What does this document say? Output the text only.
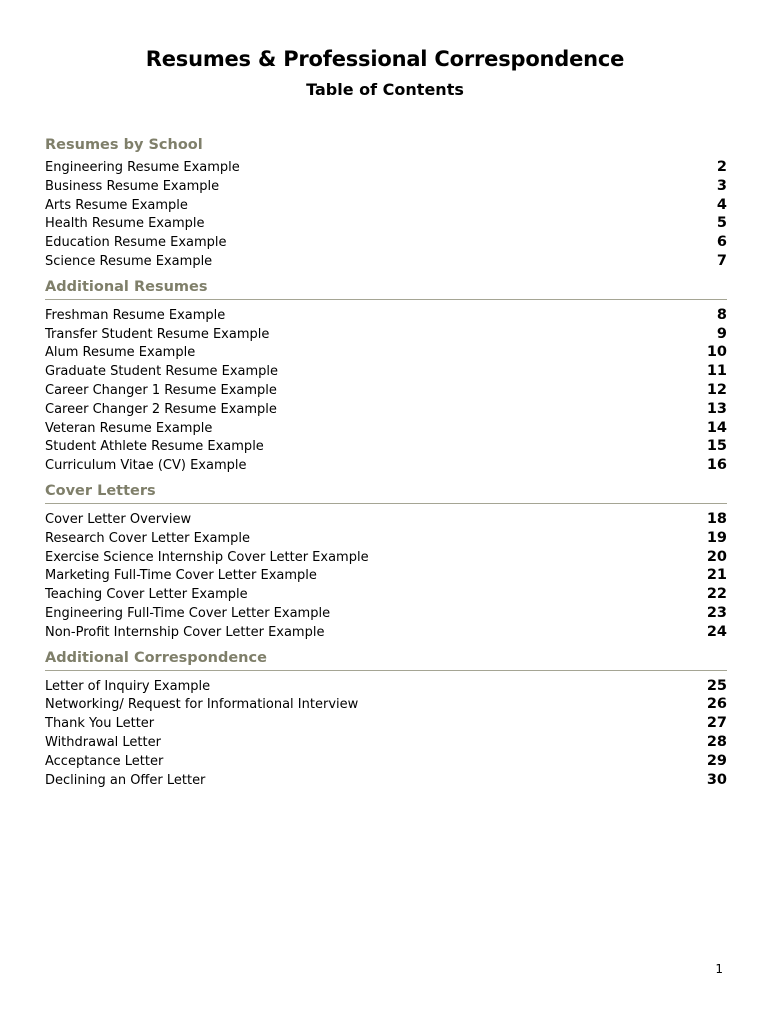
Resumes & Professional Correspondence
Table of Contents
Resumes by School
Engineering Resume Example	2
Business Resume Example	3
Arts Resume Example	4
Health Resume Example	5
Education Resume Example	6
Science Resume Example	7
Additional Resumes
Freshman Resume Example	8
Transfer Student Resume Example	9
Alum Resume Example	10
Graduate Student Resume Example	11
Career Changer 1 Resume Example	12
Career Changer 2 Resume Example	13
Veteran Resume Example	14
Student Athlete Resume Example	15
Curriculum Vitae (CV) Example	16
Cover Letters
Cover Letter Overview	18
Research Cover Letter Example	19
Exercise Science Internship Cover Letter Example	20
Marketing Full-Time Cover Letter Example	21
Teaching Cover Letter Example	22
Engineering Full-Time Cover Letter Example	23
Non-Profit Internship Cover Letter Example	24
Additional Correspondence
Letter of Inquiry Example	25
Networking/ Request for Informational Interview	26
Thank You Letter	27
Withdrawal Letter	28
Acceptance Letter	29
Declining an Offer Letter	30
1
